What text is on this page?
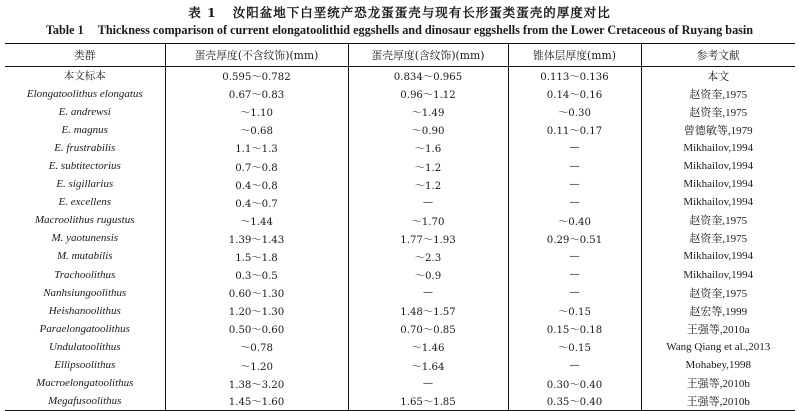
表 1 汝阳盆地下白垩统产恐龙蛋蛋壳与现有长形蛋类蛋壳的厚度对比
Table 1 Thickness comparison of current elongatoolithid eggshells and dinosaur eggshells from the Lower Cretaceous of Ruyang basin
类群	蛋壳厚度(不含纹饰)(mm)	蛋壳厚度(含纹饰)(mm)	锥体层厚度(mm)	参考文献
本文标本	0.595～0.782	0.834～0.965	0.113～0.136	本文
Elongatoolithus elongatus	0.67～0.83	0.96～1.12	0.14～0.16	赵资奎,1975
E. andrewsi	～1.10	～1.49	～0.30	赵资奎,1975
E. magnus	～0.68	～0.90	0.11～0.17	曾德敏等,1979
E. frustrabilis	1.1～1.3	～1.6	—	Mikhailov,1994
E. subtitectorius	0.7～0.8	～1.2	—	Mikhailov,1994
E. sigillarius	0.4～0.8	～1.2	—	Mikhailov,1994
E. excellens	0.4～0.7	—	—	Mikhailov,1994
Macroolithus rugustus	～1.44	～1.70	～0.40	赵资奎,1975
M. yaotunensis	1.39～1.43	1.77～1.93	0.29～0.51	赵资奎,1975
M. mutabilis	1.5～1.8	～2.3	—	Mikhailov,1994
Trachoolithus	0.3～0.5	～0.9	—	Mikhailov,1994
Nanhsiungoolithus	0.60～1.30	—	—	赵资奎,1975
Heishanoolithus	1.20～1.30	1.48～1.57	～0.15	赵宏等,1999
Paraelongatoolithus	0.50～0.60	0.70～0.85	0.15～0.18	王强等,2010a
Undulatoolithus	～0.78	～1.46	～0.15	Wang Qiang et al.,2013
Ellipsoolithus	～1.20	～1.64	—	Mohabey,1998
Macroelongatoolithus	1.38～3.20	—	0.30～0.40	王强等,2010b
Megafusoolithus	1.45～1.60	1.65～1.85	0.35～0.40	王强等,2010b
